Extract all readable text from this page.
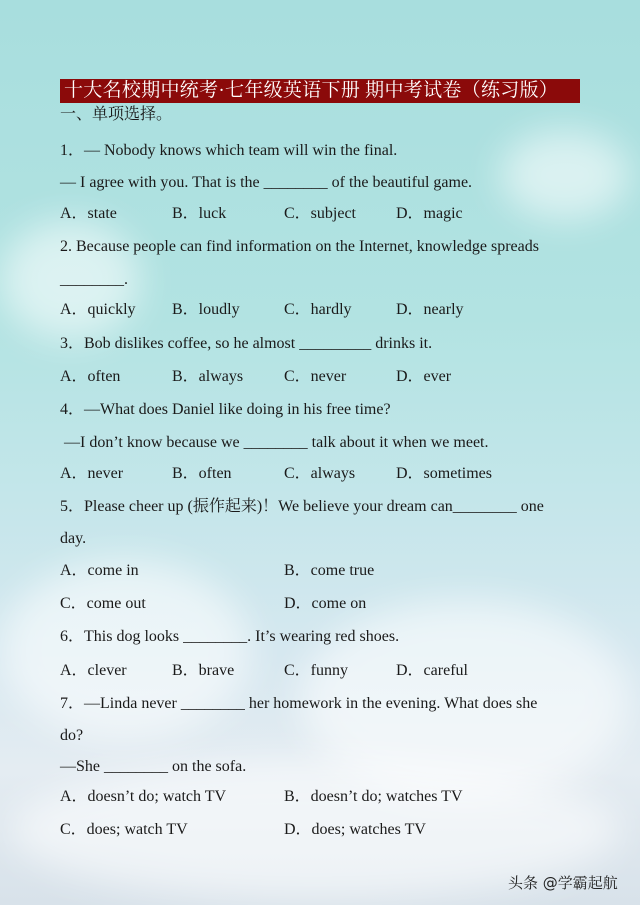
十大名校期中统考·七年级英语下册 期中考试卷（练习版）
一、单项选择。
1．— Nobody knows which team will win the final.
— I agree with you. That is the ________ of the beautiful game.
A．state	B．luck	C．subject	D．magic
2. Because people can find information on the Internet, knowledge spreads
________.
A．quickly B．loudly	C．hardly	D．nearly
3．Bob dislikes coffee, so he almost _________ drinks it.
A．often	B．always	C．never	D．ever
4．—What does Daniel like doing in his free time?
—I don’t know because we ________ talk about it when we meet.
A．never	B．often	C．always	D．sometimes
5．Please cheer up (振作起来)！We believe your dream can________ one
day.
A．come in	B．come true
C．come out	D．come on
6．This dog looks ________. It’s wearing red shoes.
A．clever	B．brave	C．funny	D．careful
7．—Linda never ________ her homework in the evening. What does she
do?
—She ________ on the sofa.
A．doesn’t do; watch TV	B．doesn’t do; watches TV
C．does; watch TV	D．does; watches TV
头条 @学霸起航
